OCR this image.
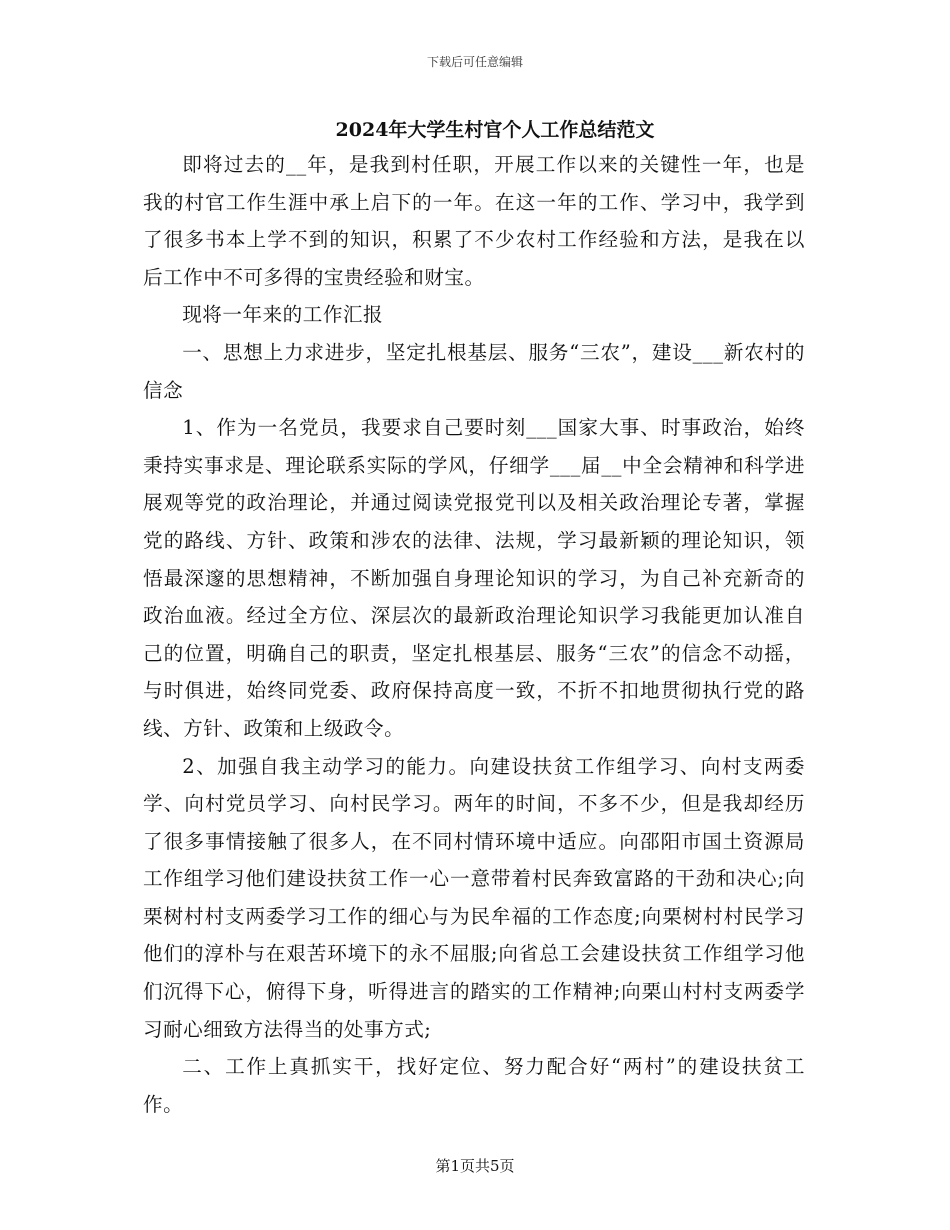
下载后可任意编辑
2024年大学生村官个人工作总结范文

即将过去的__年，是我到村任职，开展工作以来的关键性一年，也是我的村官工作生涯中承上启下的一年。在这一年的工作、学习中，我学到了很多书本上学不到的知识，积累了不少农村工作经验和方法，是我在以后工作中不可多得的宝贵经验和财宝。

现将一年来的工作汇报

一、思想上力求进步，坚定扎根基层、服务“三农”，建设___新农村的信念

1、作为一名党员，我要求自己要时刻___国家大事、时事政治，始终秉持实事求是、理论联系实际的学风，仔细学___届__中全会精神和科学进展观等党的政治理论，并通过阅读党报党刊以及相关政治理论专著，掌握党的路线、方针、政策和涉农的法律、法规，学习最新颖的理论知识，领悟最深邃的思想精神，不断加强自身理论知识的学习，为自己补充新奇的政治血液。经过全方位、深层次的最新政治理论知识学习我能更加认准自己的位置，明确自己的职责，坚定扎根基层、服务“三农”的信念不动摇，与时俱进，始终同党委、政府保持高度一致，不折不扣地贯彻执行党的路线、方针、政策和上级政令。

2、加强自我主动学习的能力。向建设扶贫工作组学习、向村支两委学、向村党员学习、向村民学习。两年的时间，不多不少，但是我却经历了很多事情接触了很多人，在不同村情环境中适应。向邵阳市国土资源局工作组学习他们建设扶贫工作一心一意带着村民奔致富路的干劲和决心;向栗树村村支两委学习工作的细心与为民牟福的工作态度;向栗树村村民学习他们的淳朴与在艰苦环境下的永不屈服;向省总工会建设扶贫工作组学习他们沉得下心，俯得下身，听得进言的踏实的工作精神;向栗山村村支两委学习耐心细致方法得当的处事方式;

二、工作上真抓实干，找好定位、努力配合好“两村”的建设扶贫工作。

第1页共5页
